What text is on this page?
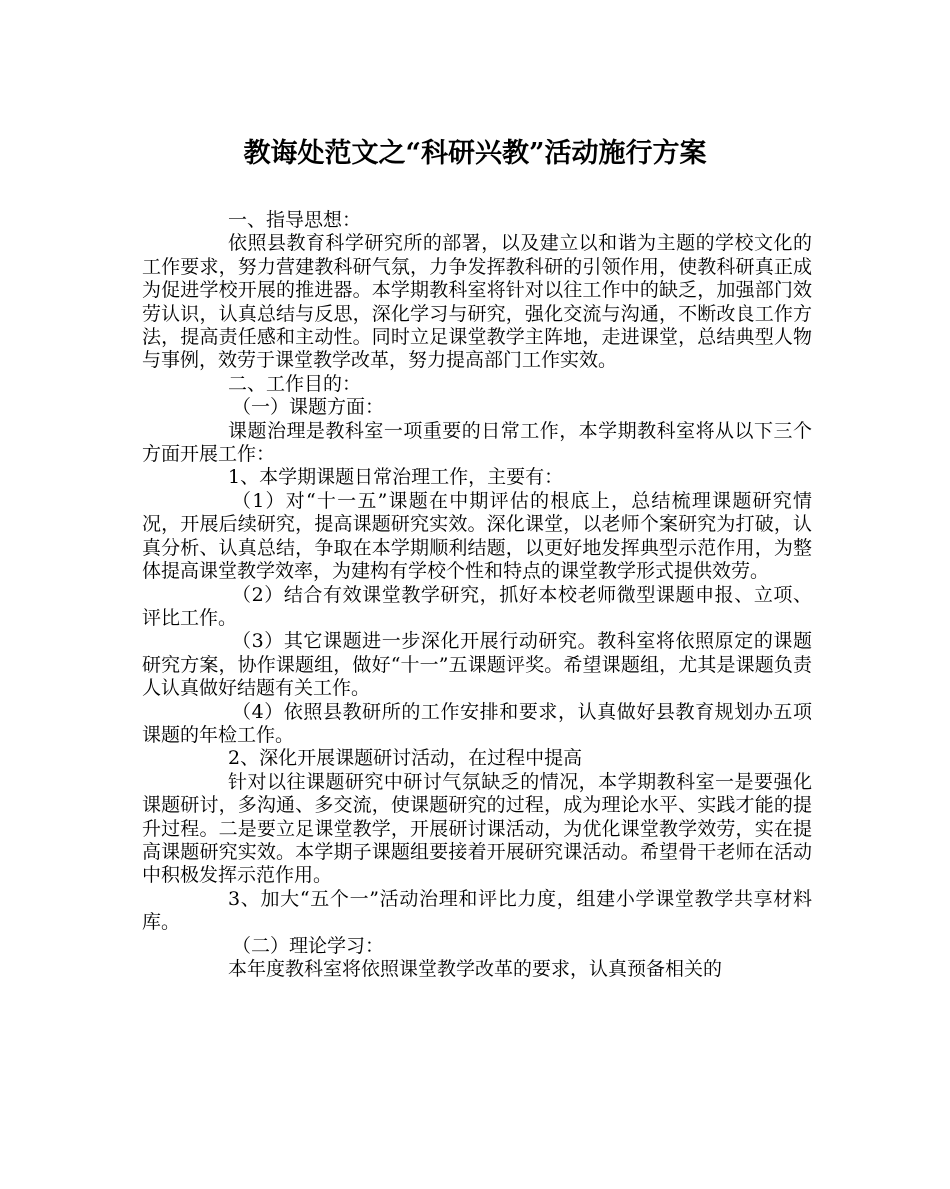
教诲处范文之“科研兴教”活动施行方案

一、指导思想：

依照县教育科学研究所的部署，以及建立以和谐为主题的学校文化的工作要求，努力营建教科研气氛，力争发挥教科研的引领作用，使教科研真正成为促进学校开展的推进器。本学期教科室将针对以往工作中的缺乏，加强部门效劳认识，认真总结与反思，深化学习与研究，强化交流与沟通，不断改良工作方法，提高责任感和主动性。同时立足课堂教学主阵地，走进课堂，总结典型人物与事例，效劳于课堂教学改革，努力提高部门工作实效。

二、工作目的：

（一）课题方面：

课题治理是教科室一项重要的日常工作，本学期教科室将从以下三个方面开展工作：

1、本学期课题日常治理工作，主要有：

（1）对“十一五”课题在中期评估的根底上，总结梳理课题研究情况，开展后续研究，提高课题研究实效。深化课堂，以老师个案研究为打破，认真分析、认真总结，争取在本学期顺利结题，以更好地发挥典型示范作用，为整体提高课堂教学效率，为建构有学校个性和特点的课堂教学形式提供效劳。

（2）结合有效课堂教学研究，抓好本校老师微型课题申报、立项、评比工作。

（3）其它课题进一步深化开展行动研究。教科室将依照原定的课题研究方案，协作课题组，做好“十一”五课题评奖。希望课题组，尤其是课题负责人认真做好结题有关工作。

（4）依照县教研所的工作安排和要求，认真做好县教育规划办五项课题的年检工作。

2、深化开展课题研讨活动，在过程中提高

针对以往课题研究中研讨气氛缺乏的情况，本学期教科室一是要强化课题研讨，多沟通、多交流，使课题研究的过程，成为理论水平、实践才能的提升过程。二是要立足课堂教学，开展研讨课活动，为优化课堂教学效劳，实在提高课题研究实效。本学期子课题组要接着开展研究课活动。希望骨干老师在活动中积极发挥示范作用。

3、加大“五个一”活动治理和评比力度，组建小学课堂教学共享材料库。

（二）理论学习：

本年度教科室将依照课堂教学改革的要求，认真预备相关的
